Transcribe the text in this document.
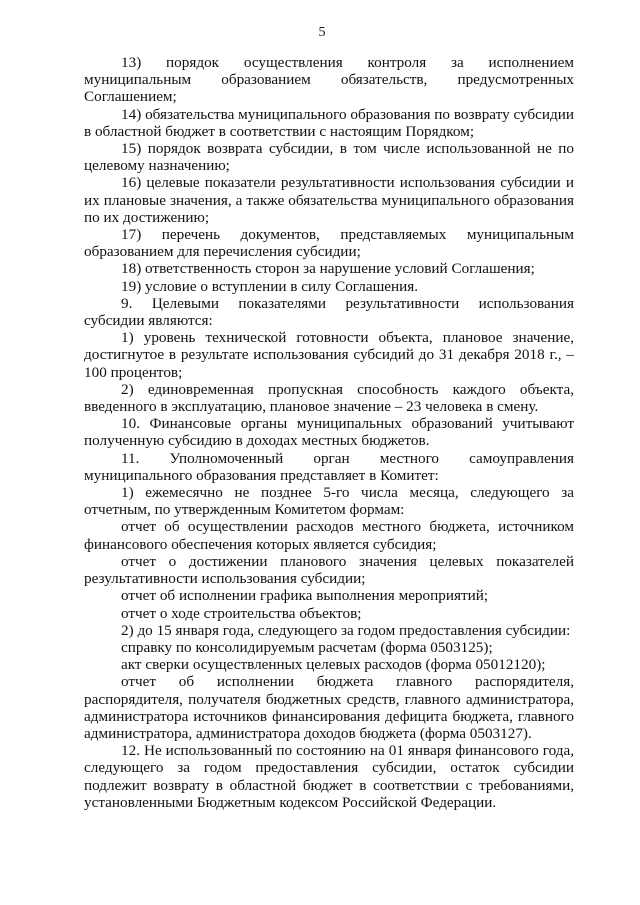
5

13) порядок осуществления контроля за исполнением муниципальным образованием обязательств, предусмотренных Соглашением;

14) обязательства муниципального образования по возврату субсидии в областной бюджет в соответствии с настоящим Порядком;

15) порядок возврата субсидии, в том числе использованной не по целевому назначению;

16) целевые показатели результативности использования субсидии и их плановые значения, а также обязательства муниципального образования по их достижению;

17) перечень документов, представляемых муниципальным образованием для перечисления субсидии;

18) ответственность сторон за нарушение условий Соглашения;

19) условие о вступлении в силу Соглашения.

9. Целевыми показателями результативности использования субсидии являются:

1) уровень технической готовности объекта, плановое значение, достигнутое в результате использования субсидий до 31 декабря 2018 г., – 100 процентов;

2) единовременная пропускная способность каждого объекта, введенного в эксплуатацию, плановое значение – 23 человека в смену.

10. Финансовые органы муниципальных образований учитывают полученную субсидию в доходах местных бюджетов.

11. Уполномоченный орган местного самоуправления муниципального образования представляет в Комитет:

1) ежемесячно не позднее 5-го числа месяца, следующего за отчетным, по утвержденным Комитетом формам:

отчет об осуществлении расходов местного бюджета, источником финансового обеспечения которых является субсидия;

отчет о достижении планового значения целевых показателей результативности использования субсидии;

отчет об исполнении графика выполнения мероприятий;

отчет о ходе строительства объектов;

2) до 15 января года, следующего за годом предоставления субсидии:

справку по консолидируемым расчетам (форма 0503125);

акт сверки осуществленных целевых расходов (форма 05012120);

отчет об исполнении бюджета главного распорядителя, распорядителя, получателя бюджетных средств, главного администратора, администратора источников финансирования дефицита бюджета, главного администратора, администратора доходов бюджета (форма 0503127).

12. Не использованный по состоянию на 01 января финансового года, следующего за годом предоставления субсидии, остаток субсидии подлежит возврату в областной бюджет в соответствии с требованиями, установленными Бюджетным кодексом Российской Федерации.
